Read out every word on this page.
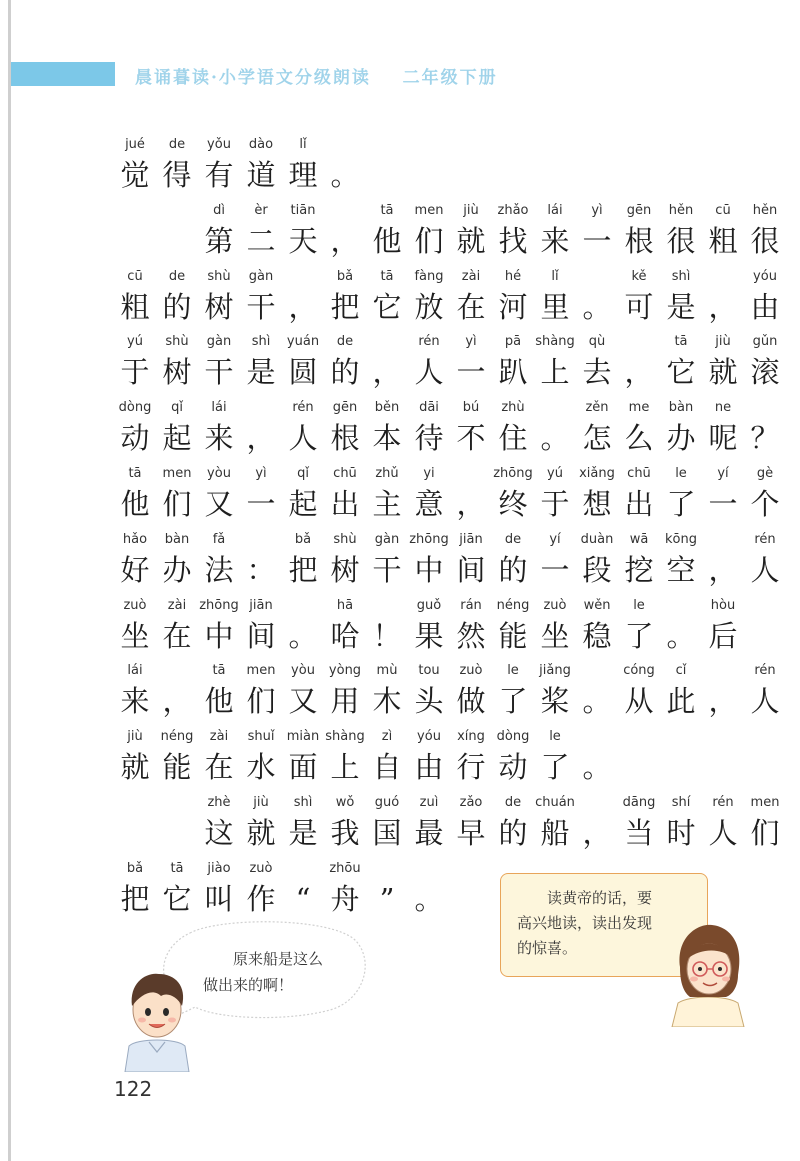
晨诵暮读·小学语文分级朗读    二年级下册
jué
觉
de
得
yǒu
有
dào
道
lǐ
理 。
dì
第
èr
二
tiān
天 ，
tā
他
men
们
jiù
就
zhǎo
找
lái
来
yì
一
gēn
根
hěn
很
cū
粗
hěn
很
cū
粗
de
的
shù
树
gàn
干 ，
bǎ
把
tā
它
fàng
放
zài
在
hé
河
lǐ
里 。
kě
可
shì
是 ，
yóu
由
yú
于
shù
树
gàn
干
shì
是
yuán
圆
de
的 ，
rén
人
yì
一
pā
趴
shàng
上
qù
去 ，
tā
它
jiù
就
gǔn
滚
dòng
动
qǐ
起
lái
来 ，
rén
人
gēn
根
běn
本
dāi
待
bú
不
zhù
住 。
zěn
怎
me
么
bàn
办
ne
呢 ？
tā
他
men
们
yòu
又
yì
一
qǐ
起
chū
出
zhǔ
主
yi
意 ，
zhōng
终
yú
于
xiǎng
想
chū
出
le
了
yí
一
gè
个
hǎo
好
bàn
办
fǎ
法 ：
bǎ
把
shù
树
gàn
干
zhōng
中
jiān
间
de
的
yí
一
duàn
段
wā
挖
kōng
空 ，
rén
人
zuò
坐
zài
在
zhōng
中
jiān
间 。
hā
哈 ！
guǒ
果
rán
然
néng
能
zuò
坐
wěn
稳
le
了 。
hòu
后
lái
来 ，
tā
他
men
们
yòu
又
yòng
用
mù
木
tou
头
zuò
做
le
了
jiǎng
桨 。
cóng
从
cǐ
此 ，
rén
人
jiù
就
néng
能
zài
在
shuǐ
水
miàn
面
shàng
上
zì
自
yóu
由
xíng
行
dòng
动
le
了 。
zhè
这
jiù
就
shì
是
wǒ
我
guó
国
zuì
最
zǎo
早
de
的
chuán
船 ，
dāng
当
shí
时
rén
人
men
们
bǎ
把
tā
它
jiào
叫
zuò
作 “
zhōu
舟 ” 。	　　读黄帝的话，要
高兴地读，读出发现
的惊喜。
　　原来船是这么
做出来的啊！
122
